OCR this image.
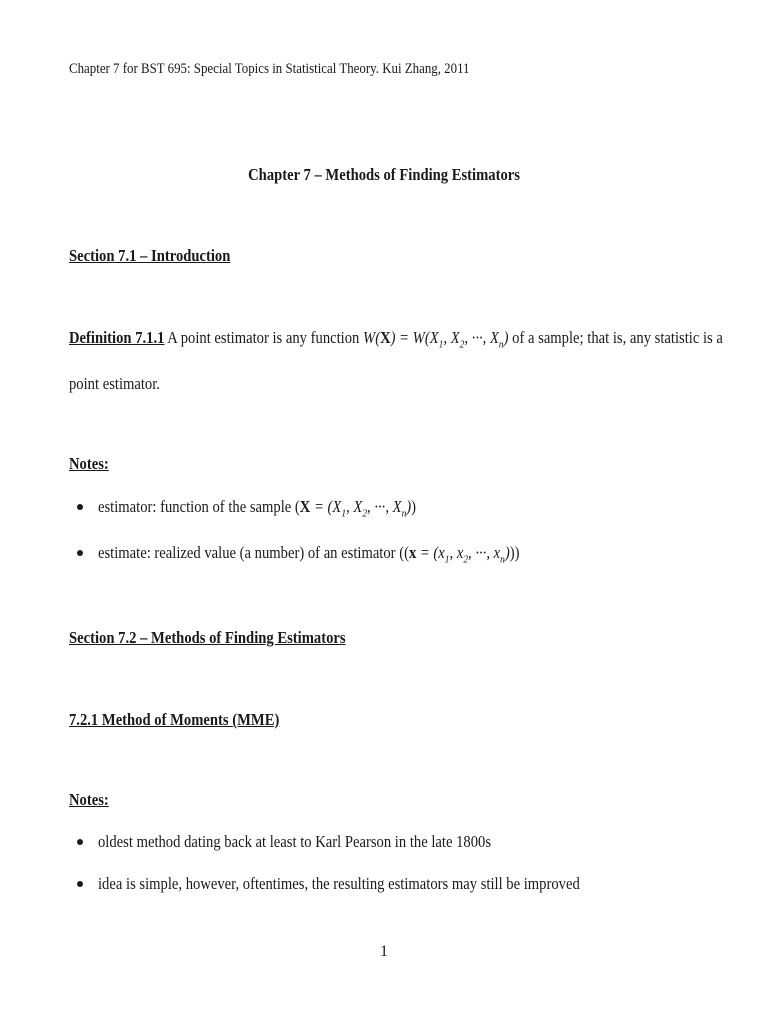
Chapter 7 for BST 695: Special Topics in Statistical Theory. Kui Zhang, 2011
Chapter 7 – Methods of Finding Estimators
Section 7.1 – Introduction
Definition 7.1.1 A point estimator is any function $W(X) = W(X_1$, $X_2$, ···, $X_n$) of a sample; that is, any statistic is a
point estimator.
Notes:
estimator: function of the sample ($X = (X_1$, $X_2$, ···, $X_n$))
estimate: realized value (a number) of an estimator (($x = (x_1$, $x_2$, ···, $x_n$)))
Section 7.2 – Methods of Finding Estimators
7.2.1 Method of Moments (MME)
Notes:
oldest method dating back at least to Karl Pearson in the late 1800s
idea is simple, however, oftentimes, the resulting estimators may still be improved
1
